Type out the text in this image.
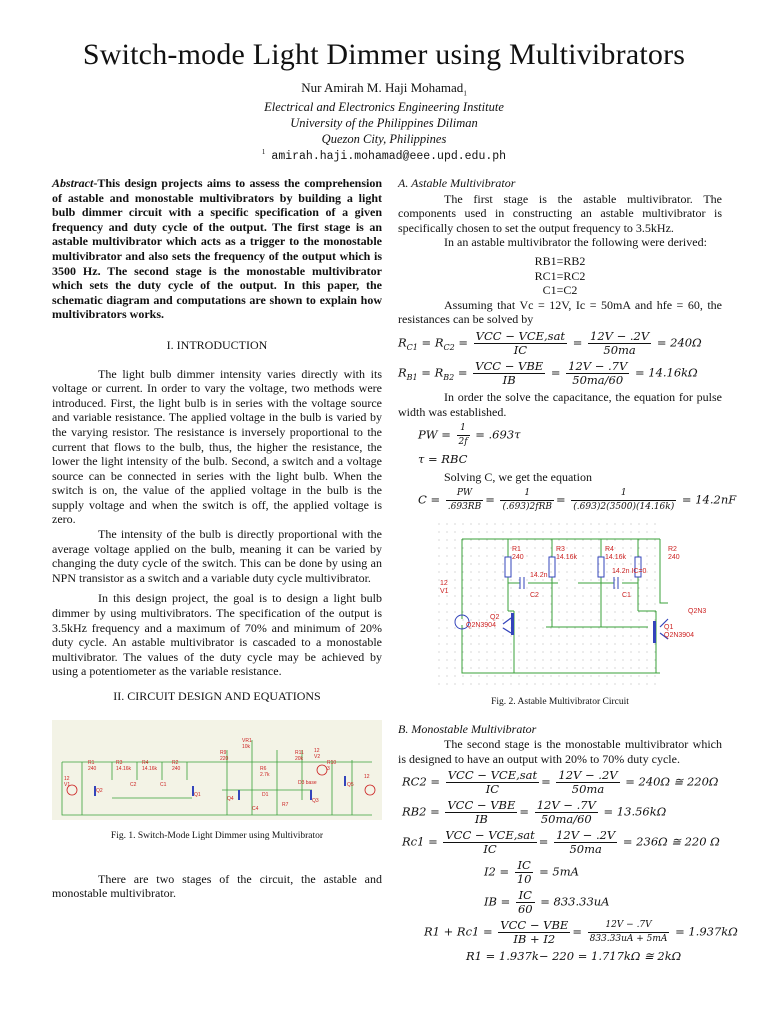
Switch-mode Light Dimmer using Multivibrators
Nur Amirah M. Haji Mohamad$_1$
Electrical and Electronics Engineering Institute
University of the Philippines Diliman
Quezon City, Philippines
$^1$ amirah.haji.mohamad@eee.upd.edu.ph

Abstract-This design projects aims to assess the comprehension of astable and monostable multivibrators by building a light bulb dimmer circuit with a specific specification of a given frequency and duty cycle of the output. The first stage is an astable multivibrator which acts as a trigger to the monostable multivibrator and also sets the frequency of the output which is 3500 Hz. The second stage is the monostable multivibrator which sets the duty cycle of the output. In this paper, the schematic diagram and computations are shown to explain how multivibrators works.

I. INTRODUCTION

The light bulb dimmer intensity varies directly with its voltage or current. In order to vary the voltage, two methods were introduced. First, the light bulb is in series with the voltage source and variable resistance. The applied voltage in the bulb is varied by the varying resistor. The resistance is inversely proportional to the current that flows to the bulb, thus, the higher the resistance, the lower the light intensity of the bulb. Second, a switch and a voltage source can be connected in series with the light bulb. When the switch is on, the value of the applied voltage in the bulb is the supply voltage and when the switch is off, the applied voltage is zero.

The intensity of the bulb is directly proportional with the average voltage applied on the bulb, meaning it can be varied by changing the duty cycle of the switch. This can be done by using an NPN transistor as a switch and a variable duty cycle multivibrator.

In this design project, the goal is to design a light bulb dimmer by using multivibrators. The specification of the output is 3.5kHz frequency and a maximum of 70% and minimum of 20% duty cycle. An astable multivibrator is cascaded to a monostable multivibrator. The values of the duty cycle may be achieved by using a potentiometer as the variable resistance.

II. CIRCUIT DESIGN AND EQUATIONS
R1
240
R3
14.16k
R4
14.16k
R2
240
VR1
10k
R9
220
R6
2.7k
R11
20k
R10
3
12
V1
12
V2
12
Q2
Q1
Q4	Q3
Q5
C2	C1
D1
C4
R7
D3 base
Fig. 1. Switch-Mode Light Dimmer using Multivibrator

There are two stages of the circuit, the astable and monostable multivibrator.

A. Astable Multivibrator

The first stage is the astable multivibrator. The components used in constructing an astable multivibrator is specifically chosen to set the output frequency to 3.5kHz.

In an astable multivibrator the following were derived:

RB1=RB2

RC1=RC2

C1=C2

Assuming that Vc = 12V, Ic = 50mA and hfe = 60, the resistances can be solved by

$R_{C1} = R_{C2} = \frac{\text{VCC − VCE,sat}}{IC} = \frac{12V - .2V}{50ma} = 240\Omega$
$R_{B1} = R_{B2} = \frac{\text{VCC − VBE}}{IB} = \frac{12V - .7V}{50ma/60} = 14.16k\Omega$

In order the solve the capacitance, the equation for pulse width was established.

PW = $\frac{1}{2f} = .693\tau$
τ = RBC

Solving C, we get the equation

$C = \frac{PW}{.693RB} = \frac{1}{\text{(.693)2fRB}} = \frac{1}{(.693)2(3500)(14.16k)} = 14.2nF$
R1
240
R3
14.16k
R4
14.16k
R2
240
14.2n
C2
14.2n IC=0
C1
12
V1
Q2
Q2N3904	Q1
Q2N3904
Q2N3
Fig. 2. Astable Multivibrator Circuit

B. Monostable Multivibrator

The second stage is the monostable multivibrator which is designed to have an output with 20% to 70% duty cycle.

$RC2 = \frac{\text{VCC − VCE,sat}}{IC} = \frac{12V - .2V}{50ma} = 240\Omega$ ≅ 220Ω
$RB2 = \frac{\text{VCC − VBE}}{IB} = \frac{12V - .7V}{50ma/60} = 13.56k\Omega$
$Rc1 = \frac{\text{VCC − VCE,sat}}{IC} = \frac{12V - .2V}{50ma} = 236\Omega$ ≅ 220 Ω
$I2 = \frac{IC}{10} = 5mA$
IB = $\frac{IC}{60} = 833.33uA$
$R1 + Rc1 = \frac{\text{VCC − VBE}}{IB + I2} = \frac{12V - .7V}{833.33uA + 5mA} = 1.937k\Omega$
R1 = 1.937k− 220 = 1.717kΩ ≅ 2kΩ
